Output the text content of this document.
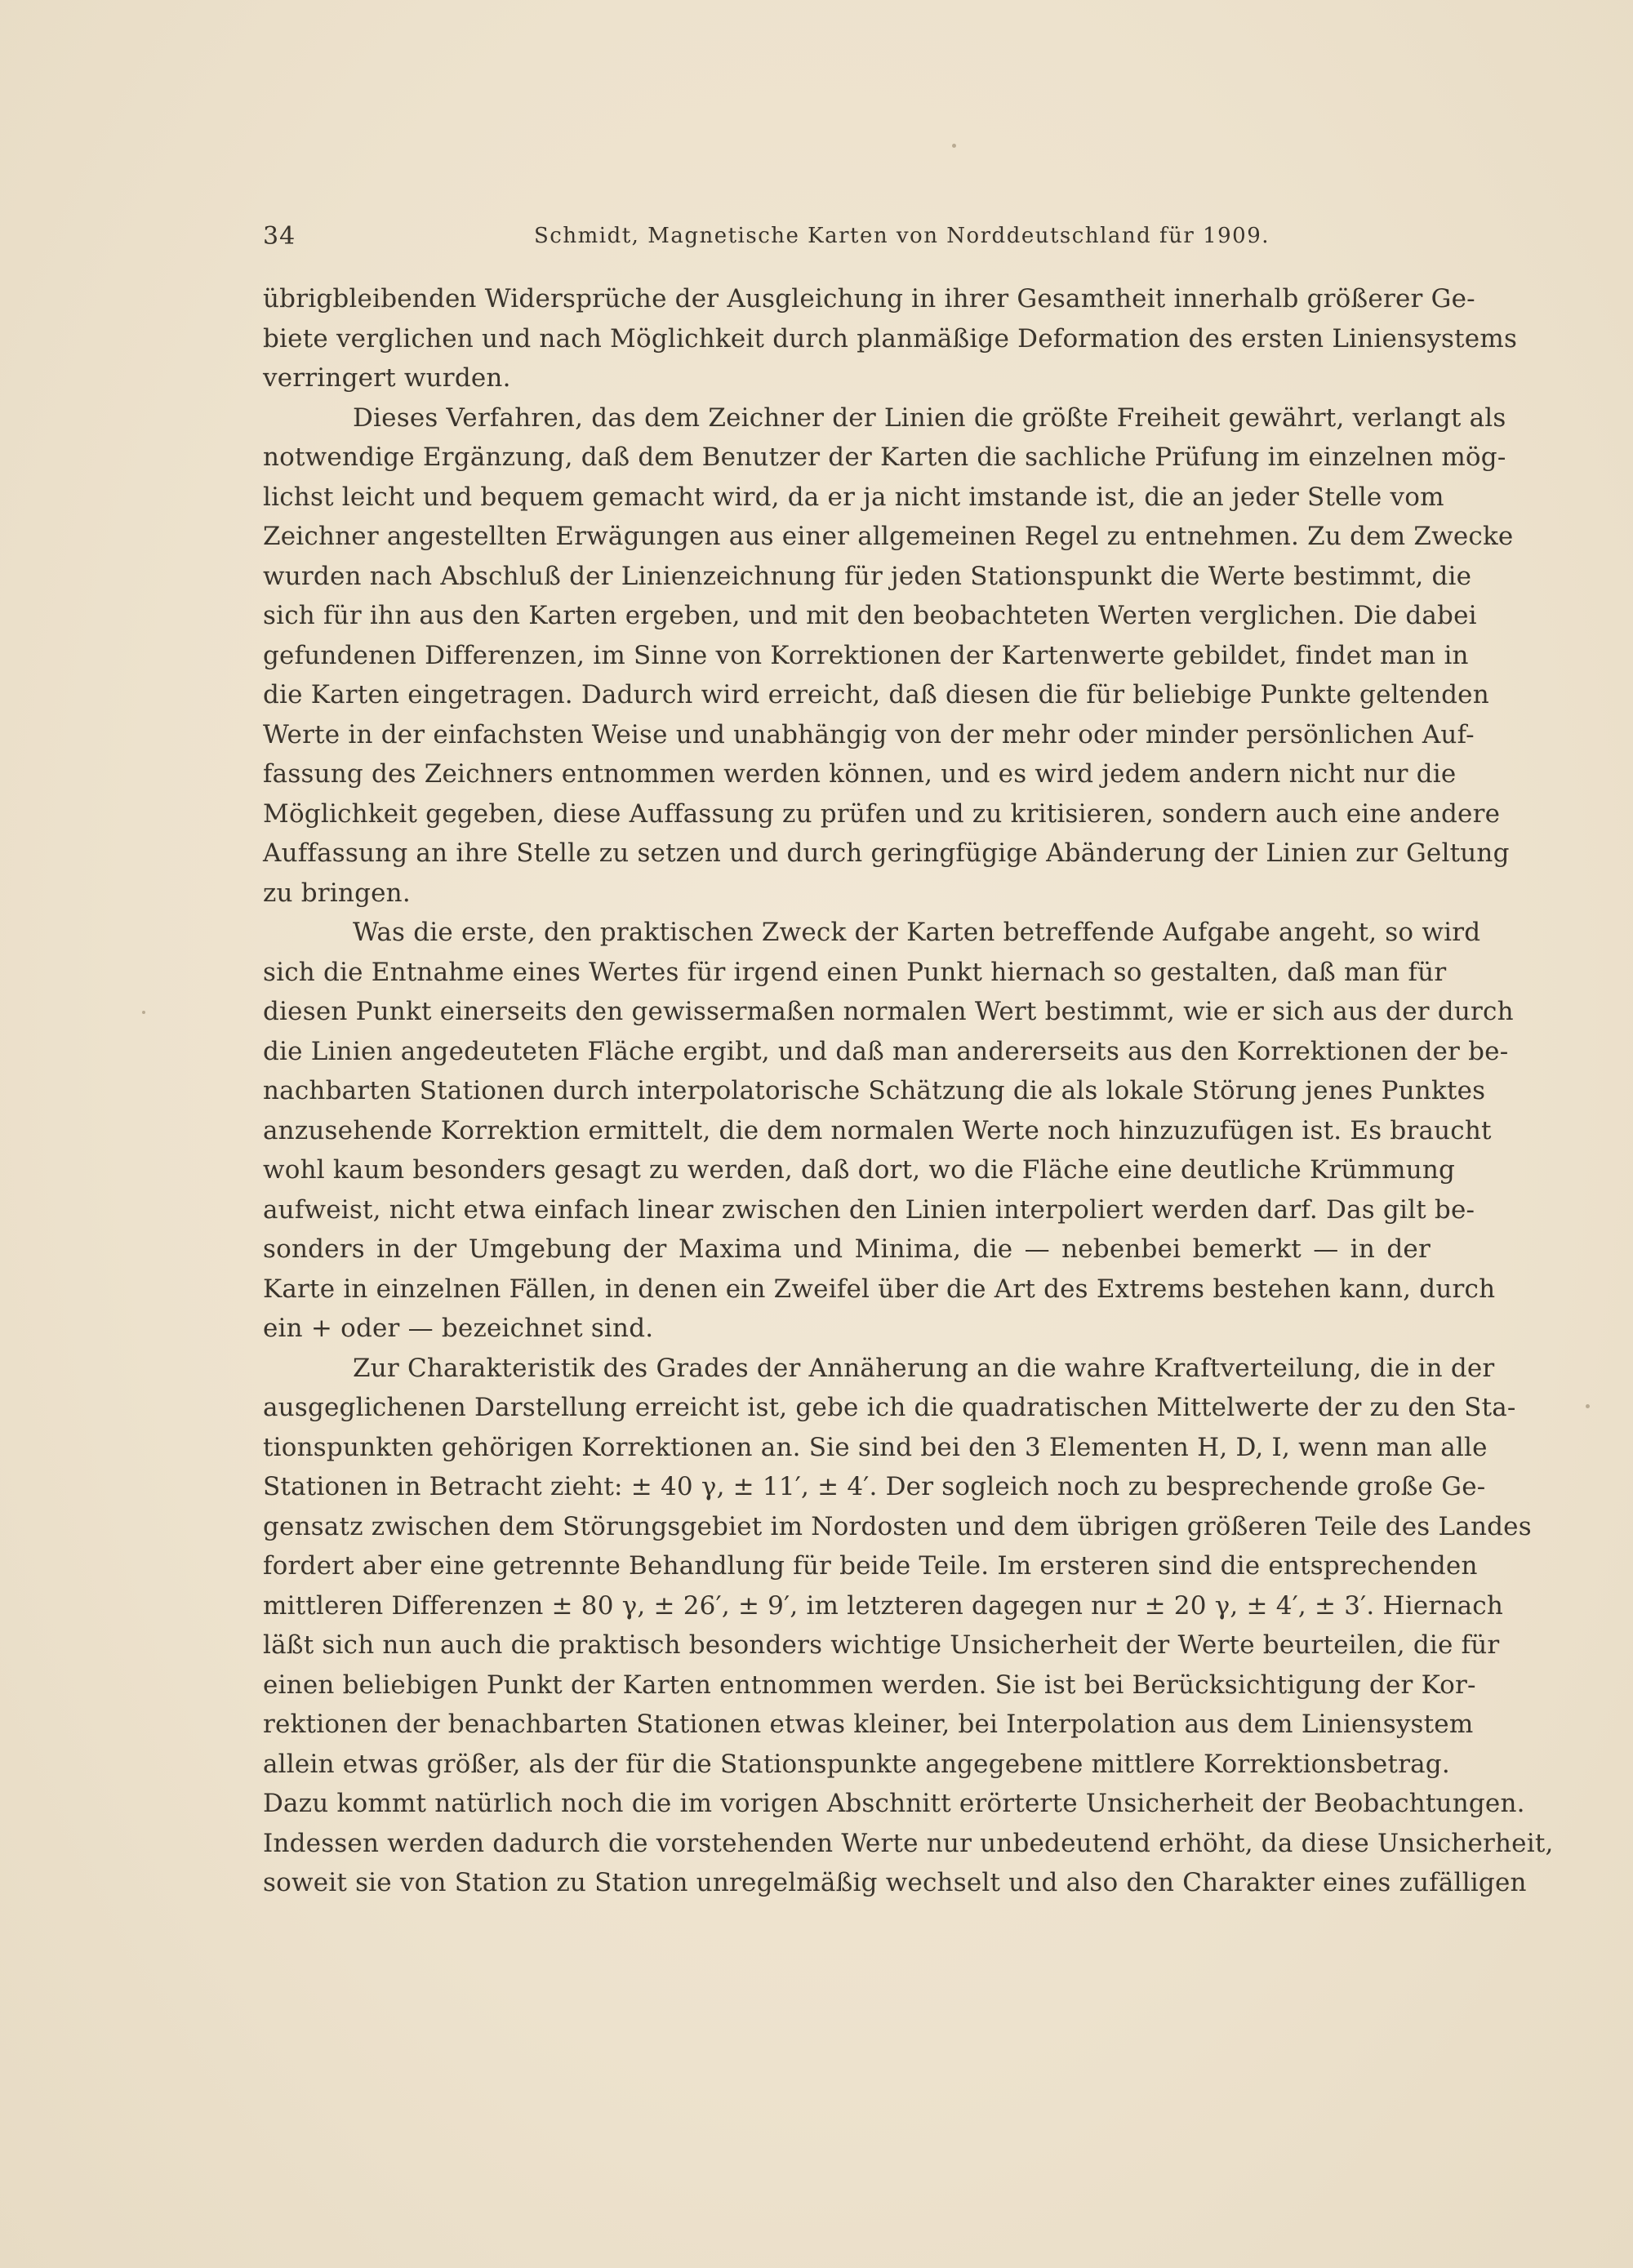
34	Schmidt, Magnetische Karten von Norddeutschland für 1909.
übrigbleibenden Widersprüche der Ausgleichung in ihrer Gesamtheit innerhalb größerer Ge-
biete verglichen und nach Möglichkeit durch planmäßige Deformation des ersten Liniensystems
verringert wurden.
Dieses Verfahren, das dem Zeichner der Linien die größte Freiheit gewährt, verlangt als
notwendige Ergänzung, daß dem Benutzer der Karten die sachliche Prüfung im einzelnen mög-
lichst leicht und bequem gemacht wird, da er ja nicht imstande ist, die an jeder Stelle vom
Zeichner angestellten Erwägungen aus einer allgemeinen Regel zu entnehmen. Zu dem Zwecke
wurden nach Abschluß der Linienzeichnung für jeden Stationspunkt die Werte bestimmt, die
sich für ihn aus den Karten ergeben, und mit den beobachteten Werten verglichen. Die dabei
gefundenen Differenzen, im Sinne von Korrektionen der Kartenwerte gebildet, findet man in
die Karten eingetragen. Dadurch wird erreicht, daß diesen die für beliebige Punkte geltenden
Werte in der einfachsten Weise und unabhängig von der mehr oder minder persönlichen Auf-
fassung des Zeichners entnommen werden können, und es wird jedem andern nicht nur die
Möglichkeit gegeben, diese Auffassung zu prüfen und zu kritisieren, sondern auch eine andere
Auffassung an ihre Stelle zu setzen und durch geringfügige Abänderung der Linien zur Geltung
zu bringen.
Was die erste, den praktischen Zweck der Karten betreffende Aufgabe angeht, so wird
sich die Entnahme eines Wertes für irgend einen Punkt hiernach so gestalten, daß man für
diesen Punkt einerseits den gewissermaßen normalen Wert bestimmt, wie er sich aus der durch
die Linien angedeuteten Fläche ergibt, und daß man andererseits aus den Korrektionen der be-
nachbarten Stationen durch interpolatorische Schätzung die als lokale Störung jenes Punktes
anzusehende Korrektion ermittelt, die dem normalen Werte noch hinzuzufügen ist. Es braucht
wohl kaum besonders gesagt zu werden, daß dort, wo die Fläche eine deutliche Krümmung
aufweist, nicht etwa einfach linear zwischen den Linien interpoliert werden darf. Das gilt be-
sonders in der Umgebung der Maxima und Minima, die — nebenbei bemerkt — in der
Karte in einzelnen Fällen, in denen ein Zweifel über die Art des Extrems bestehen kann, durch
ein + oder — bezeichnet sind.
Zur Charakteristik des Grades der Annäherung an die wahre Kraftverteilung, die in der
ausgeglichenen Darstellung erreicht ist, gebe ich die quadratischen Mittelwerte der zu den Sta-
tionspunkten gehörigen Korrektionen an. Sie sind bei den 3 Elementen H, D, I, wenn man alle
Stationen in Betracht zieht: ± 40 γ, ± 11′, ± 4′. Der sogleich noch zu besprechende große Ge-
gensatz zwischen dem Störungsgebiet im Nordosten und dem übrigen größeren Teile des Landes
fordert aber eine getrennte Behandlung für beide Teile. Im ersteren sind die entsprechenden
mittleren Differenzen ± 80 γ, ± 26′, ± 9′, im letzteren dagegen nur ± 20 γ, ± 4′, ± 3′. Hiernach
läßt sich nun auch die praktisch besonders wichtige Unsicherheit der Werte beurteilen, die für
einen beliebigen Punkt der Karten entnommen werden. Sie ist bei Berücksichtigung der Kor-
rektionen der benachbarten Stationen etwas kleiner, bei Interpolation aus dem Liniensystem
allein etwas größer, als der für die Stationspunkte angegebene mittlere Korrektionsbetrag.
Dazu kommt natürlich noch die im vorigen Abschnitt erörterte Unsicherheit der Beobachtungen.
Indessen werden dadurch die vorstehenden Werte nur unbedeutend erhöht, da diese Unsicherheit,
soweit sie von Station zu Station unregelmäßig wechselt und also den Charakter eines zufälligen
